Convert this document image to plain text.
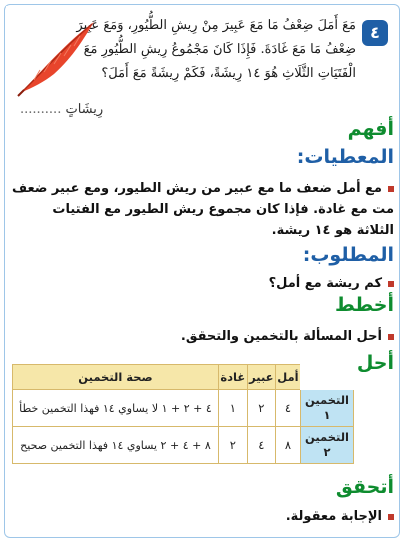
٤
مَعَ أَمَلَ ضِعْفُ مَا مَعَ عَبِيرَ مِنْ رِيشِ الطُّيُورِ، وَمَعَ عَبِيرَ ضِعْفُ مَا مَعَ غَادَةَ. فَإِذَا كَانَ مَجْمُوعُ رِيشِ الطُّيُورِ مَعَ الْفَتَيَاتِ الثَّلَاثِ هُوَ ١٤ رِيشَةً، فَكَمْ رِيشَةً مَعَ أَمَلَ؟
رِيشَاتٍ ..........
أفهم
المعطيات:
مع أمل ضعف ما مع عبير من ريش الطيور، ومع عبير ضعف مت مع غادة. فإذا كان مجموع ريش الطيور مع الفتيات الثلاثة هو ١٤ ريشة.
المطلوب:
كم ريشة مع أمل؟
أخطط
أحل المسألة بالتخمين والتحقق.
أحل
	أمل	عبير	غادة	صحة التخمين
التخمين ١	٤	٢	١	٤ + ٢ + ١ لا يساوي ١٤ فهذا التخمين خطأ
التخمين ٢	٨	٤	٢	٨ + ٤ + ٢ يساوي ١٤ فهذا التخمين صحيح
أتحقق
الإجابة معقولة.
